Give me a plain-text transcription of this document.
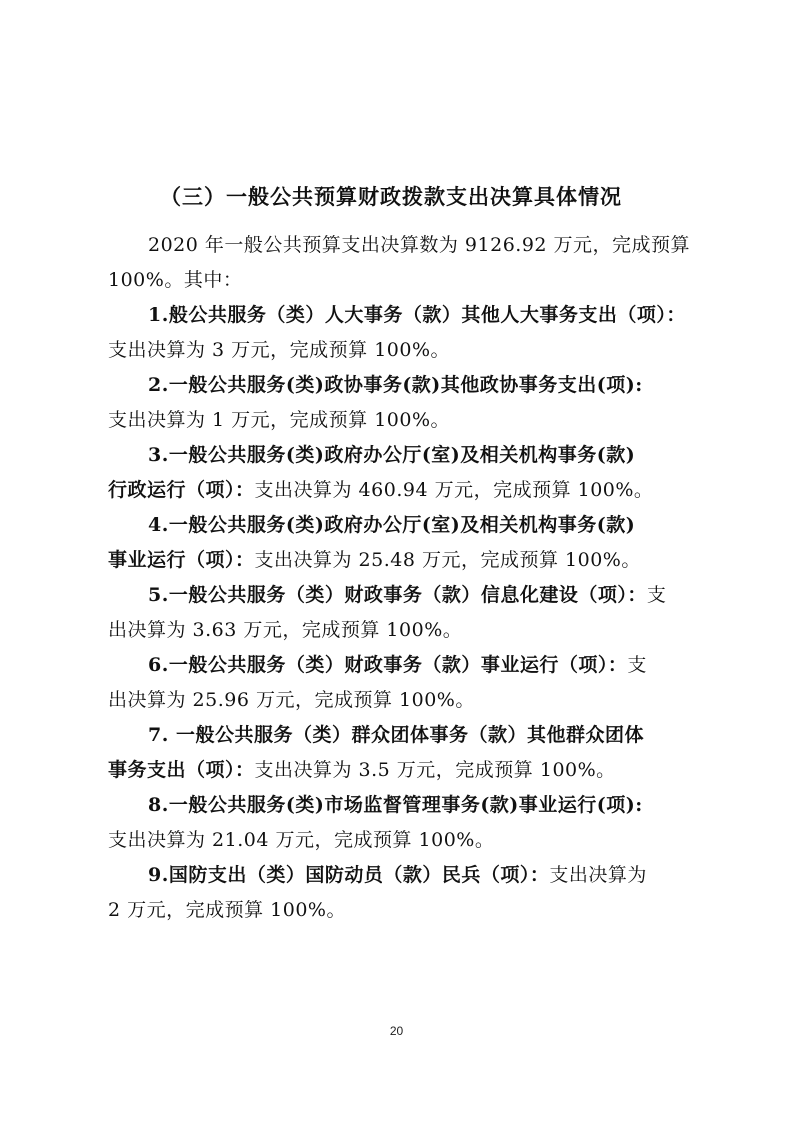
（三）一般公共预算财政拨款支出决算具体情况
2020 年一般公共预算支出决算数为 9126.92 万元，完成预算
100%。其中：
1.般公共服务（类）人大事务（款）其他人大事务支出（项）：
支出决算为 3 万元，完成预算 100%。
2.一般公共服务(类)政协事务(款)其他政协事务支出(项):
支出决算为 1 万元，完成预算 100%。
3.一般公共服务(类)政府办公厅(室)及相关机构事务(款)
行政运行（项）：支出决算为 460.94 万元，完成预算 100%。
4.一般公共服务(类)政府办公厅(室)及相关机构事务(款)
事业运行（项）：支出决算为 25.48 万元，完成预算 100%。
5.一般公共服务（类）财政事务（款）信息化建设（项）：支
出决算为 3.63 万元，完成预算 100%。
6.一般公共服务（类）财政事务（款）事业运行（项）：支
出决算为 25.96 万元，完成预算 100%。
7. 一般公共服务（类）群众团体事务（款）其他群众团体
事务支出（项）：支出决算为 3.5 万元，完成预算 100%。
8.一般公共服务(类)市场监督管理事务(款)事业运行(项):
支出决算为 21.04 万元，完成预算 100%。
9.国防支出（类）国防动员（款）民兵（项）：支出决算为
2 万元，完成预算 100%。
20
